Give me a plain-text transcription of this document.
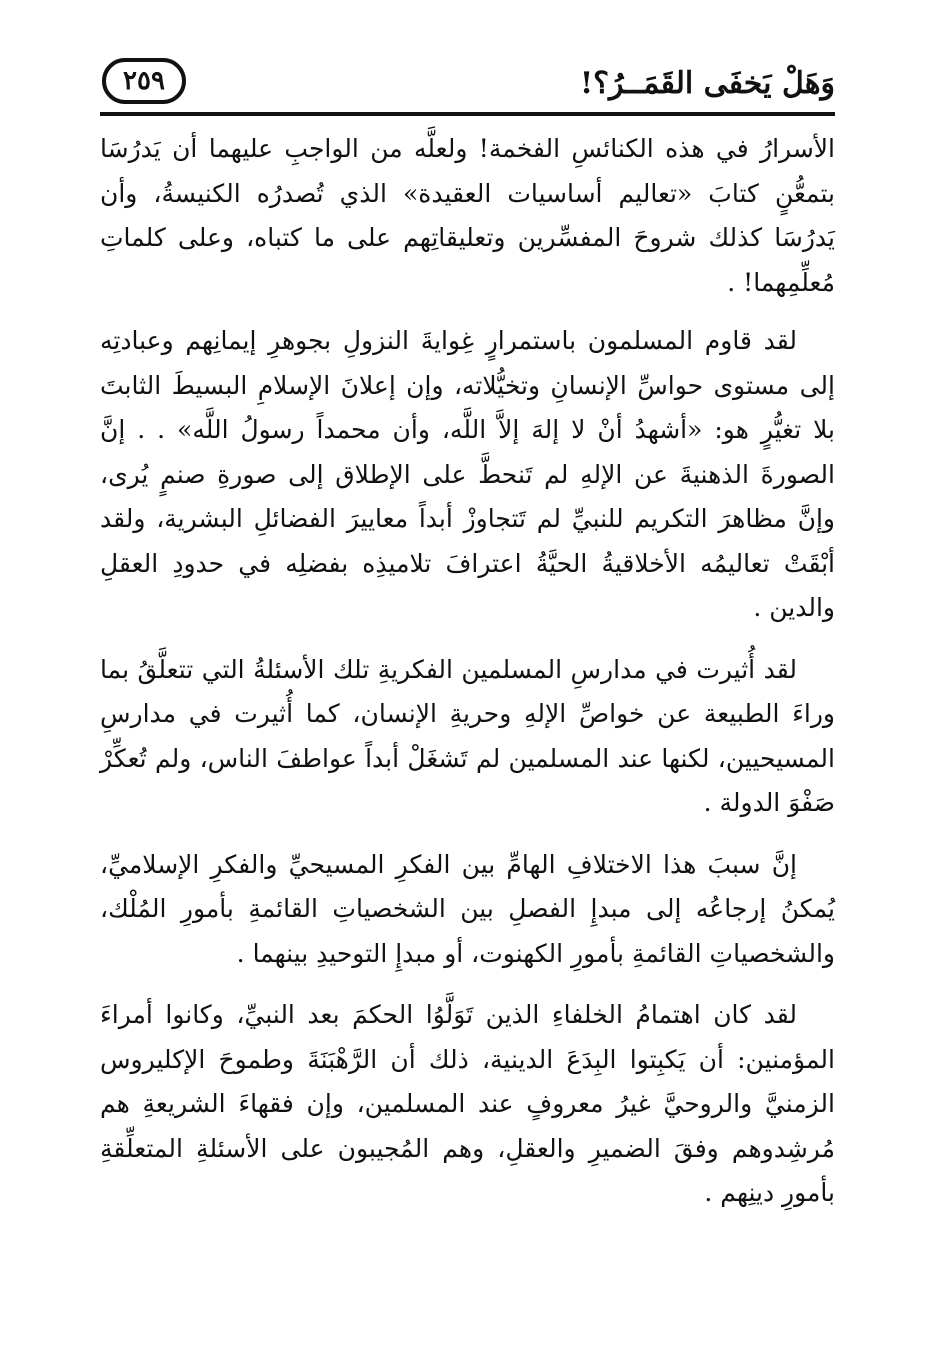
وَهَلْ يَخفَى القَمَــرُ؟!
٢٥٩

الأسرارُ في هذه الكنائسِ الفخمة! ولعلَّه من الواجبِ عليهما أن يَدرُسَا بتمعُّنٍ كتابَ «تعاليم أساسيات العقيدة» الذي تُصدرُه الكنيسةُ، وأن يَدرُسَا كذلك شروحَ المفسِّرين وتعليقاتِهم على ما كتباه، وعلى كلماتِ مُعلِّمِهما! .

لقد قاوم المسلمون باستمرارٍ غِوايةَ النزولِ بجوهرِ إيمانِهم وعبادتِه إلى مستوى حواسِّ الإنسانِ وتخيُّلاته، وإن إعلانَ الإسلامِ البسيطَ الثابتَ بلا تغيُّرٍ هو: «أشهدُ أنْ لا إلهَ إلاَّ اللَّه، وأن محمداً رسولُ اللَّه» . . إنَّ الصورةَ الذهنيةَ عن الإلهِ لم تَنحطَّ على الإطلاق إلى صورةِ صنمٍ يُرى، وإنَّ مظاهرَ التكريم للنبيِّ لم تَتجاوزْ أبداً معاييرَ الفضائلِ البشرية، ولقد أبْقَتْ تعاليمُه الأخلاقيةُ الحيَّةُ اعترافَ تلاميذِه بفضلِه في حدودِ العقلِ والدين .

لقد أُثيرت في مدارسِ المسلمين الفكريةِ تلك الأسئلةُ التي تتعلَّقُ بما وراءَ الطبيعة عن خواصِّ الإلهِ وحريةِ الإنسان، كما أُثيرت في مدارسِ المسيحيين، لكنها عند المسلمين لم تَشغَلْ أبداً عواطفَ الناس، ولم تُعكِّرْ صَفْوَ الدولة .

إنَّ سببَ هذا الاختلافِ الهامِّ بين الفكرِ المسيحيِّ والفكرِ الإسلاميِّ، يُمكنُ إرجاعُه إلى مبدإِ الفصلِ بين الشخصياتِ القائمةِ بأمورِ المُلْك، والشخصياتِ القائمةِ بأمورِ الكهنوت، أو مبدإِ التوحيدِ بينهما .

لقد كان اهتمامُ الخلفاءِ الذين تَوَلَّوُا الحكمَ بعد النبيِّ، وكانوا أمراءَ المؤمنين: أن يَكبِتوا البِدَعَ الدينية، ذلك أن الرَّهْبَنَةَ وطموحَ الإكليروس الزمنيَّ والروحيَّ غيرُ معروفٍ عند المسلمين، وإن فقهاءَ الشريعةِ هم مُرشِدوهم وفقَ الضميرِ والعقلِ، وهم المُجيبون على الأسئلةِ المتعلِّقةِ بأمورِ دينِهم .
